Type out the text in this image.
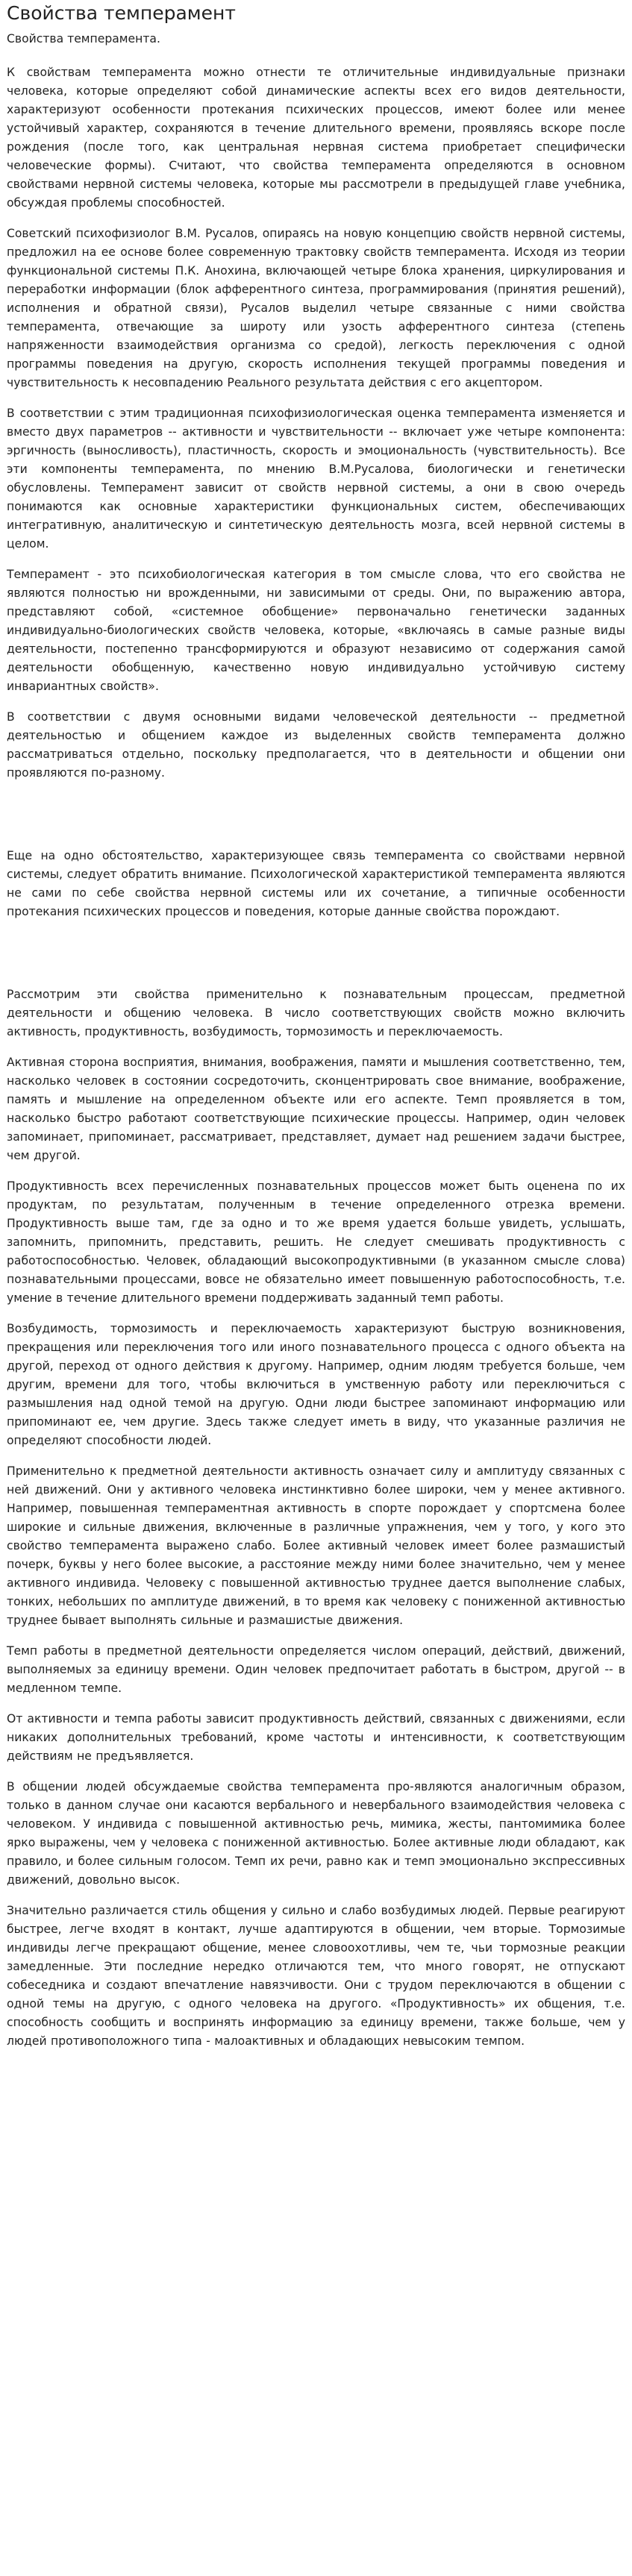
Свойства темперамент
Свойства темперамента.

К свойствам темперамента можно отнести те отличительные индивидуальные признаки человека, которые определяют собой динамические аспекты всех его видов деятельности, характеризуют особенности протекания психических процессов, имеют более или менее устойчивый характер, сохраняются в течение длительного времени, проявляясь вскоре после рождения (после того, как центральная нервная система приобретает специфически человеческие формы). Считают, что свойства темперамента определяются в основном свойствами нервной системы человека, которые мы рассмотрели в предыдущей главе учебника, обсуждая проблемы способностей.

Советский психофизиолог В.М. Русалов, опираясь на новую концепцию свойств нервной системы, предложил на ее основе более современную трактовку свойств темперамента. Исходя из теории функциональной системы П.К. Анохина, включающей четыре блока хранения, циркулирования и переработки информации (блок афферентного синтеза, программирования (принятия решений), исполнения и обратной связи), Русалов выделил четыре связанные с ними свойства темперамента, отвечающие за широту или узость афферентного синтеза (степень напряженности взаимодействия организма со средой), легкость переключения с одной программы поведения на другую, скорость исполнения текущей программы поведения и чувствительность к несовпадению Реального результата действия с его акцептором.

В соответствии с этим традиционная психофизиологическая оценка темперамента изменяется и вместо двух параметров -- активности и чувствительности -- включает уже четыре компонента: эргичность (выносливость), пластичность, скорость и эмоциональность (чувствительность). Все эти компоненты темперамента, по мнению В.М.Русалова, биологически и генетически обусловлены. Темперамент зависит от свойств нервной системы, а они в свою очередь понимаются как основные характеристики функциональных систем, обеспечивающих интегративную, аналитическую и синтетическую деятельность мозга, всей нервной системы в целом.

Темперамент - это психобиологическая категория в том смысле слова, что его свойства не являются полностью ни врожденными, ни зависимыми от среды. Они, по выражению автора, представляют собой, «системное обобщение» первоначально генетически заданных индивидуально-биологических свойств человека, которые, «включаясь в самые разные виды деятельности, постепенно трансформируются и образуют независимо от содержания самой деятельности обобщенную, качественно новую индивидуально устойчивую систему инвариантных свойств».

В соответствии с двумя основными видами человеческой деятельности -- предметной деятельностью и общением каждое из выделенных свойств темперамента должно рассматриваться отдельно, поскольку предполагается, что в деятельности и общении они проявляются по-разному.

Еще на одно обстоятельство, характеризующее связь темперамента со свойствами нервной системы, следует обратить внимание. Психологической характеристикой темперамента являются не сами по себе свойства нервной системы или их сочетание, а типичные особенности протекания психических процессов и поведения, которые данные свойства порождают.

Рассмотрим эти свойства применительно к познавательным процессам, предметной деятельности и общению человека. В число соответствующих свойств можно включить активность, продуктивность, возбудимость, тормозимость и переключаемость.

Активная сторона восприятия, внимания, воображения, памяти и мышления соответственно, тем, насколько человек в состоянии сосредоточить, сконцентрировать свое внимание, воображение, память и мышление на определенном объекте или его аспекте. Темп проявляется в том, насколько быстро работают соответствующие психические процессы. Например, один человек запоминает, припоминает, рассматривает, представляет, думает над решением задачи быстрее, чем другой.

Продуктивность всех перечисленных познавательных процессов может быть оценена по их продуктам, по результатам, полученным в течение определенного отрезка времени. Продуктивность выше там, где за одно и то же время удается больше увидеть, услышать, запомнить, припомнить, представить, решить. Не следует смешивать продуктивность с работоспособностью. Человек, обладающий высокопродуктивными (в указанном смысле слова) познавательными процессами, вовсе не обязательно имеет повышенную работоспособность, т.е. умение в течение длительного времени поддерживать заданный темп работы.

Возбудимость, тормозимость и переключаемость характеризуют быструю возникновения, прекращения или переключения того или иного познавательного процесса с одного объекта на другой, переход от одного действия к другому. Например, одним людям требуется больше, чем другим, времени для того, чтобы включиться в умственную работу или переключиться с размышления над одной темой на другую. Одни люди быстрее запоминают информацию или припоминают ее, чем другие. Здесь также следует иметь в виду, что указанные различия не определяют способности людей.

Применительно к предметной деятельности активность означает силу и амплитуду связанных с ней движений. Они у активного человека инстинктивно более широки, чем у менее активного. Например, повышенная темпераментная активность в спорте порождает у спортсмена более широкие и сильные движения, включенные в различные упражнения, чем у того, у кого это свойство темперамента выражено слабо. Более активный человек имеет более размашистый почерк, буквы у него более высокие, а расстояние между ними более значительно, чем у менее активного индивида. Человеку с повышенной активностью труднее дается выполнение слабых, тонких, небольших по амплитуде движений, в то время как человеку с пониженной активностью труднее бывает выполнять сильные и размашистые движения.

Темп работы в предметной деятельности определяется числом операций, действий, движений, выполняемых за единицу времени. Один человек предпочитает работать в быстром, другой -- в медленном темпе.

От активности и темпа работы зависит продуктивность действий, связанных с движениями, если никаких дополнительных требований, кроме частоты и интенсивности, к соответствующим действиям не предъявляется.

В общении людей обсуждаемые свойства темперамента про-являются аналогичным образом, только в данном случае они касаются вербального и невербального взаимодействия человека с человеком. У индивида с повышенной активностью речь, мимика, жесты, пантомимика более ярко выражены, чем у человека с пониженной активностью. Более активные люди обладают, как правило, и более сильным голосом. Темп их речи, равно как и темп эмоционально экспрессивных движений, довольно высок.

Значительно различается стиль общения у сильно и слабо возбудимых людей. Первые реагируют быстрее, легче входят в контакт, лучше адаптируются в общении, чем вторые. Тормозимые индивиды легче прекращают общение, менее словоохотливы, чем те, чьи тормозные реакции замедленные. Эти последние нередко отличаются тем, что много говорят, не отпускают собеседника и создают впечатление навязчивости. Они с трудом переключаются в общении с одной темы на другую, с одного человека на другого. «Продуктивность» их общения, т.е. способность сообщить и воспринять информацию за единицу времени, также больше, чем у людей противоположного типа - малоактивных и обладающих невысоким темпом.
